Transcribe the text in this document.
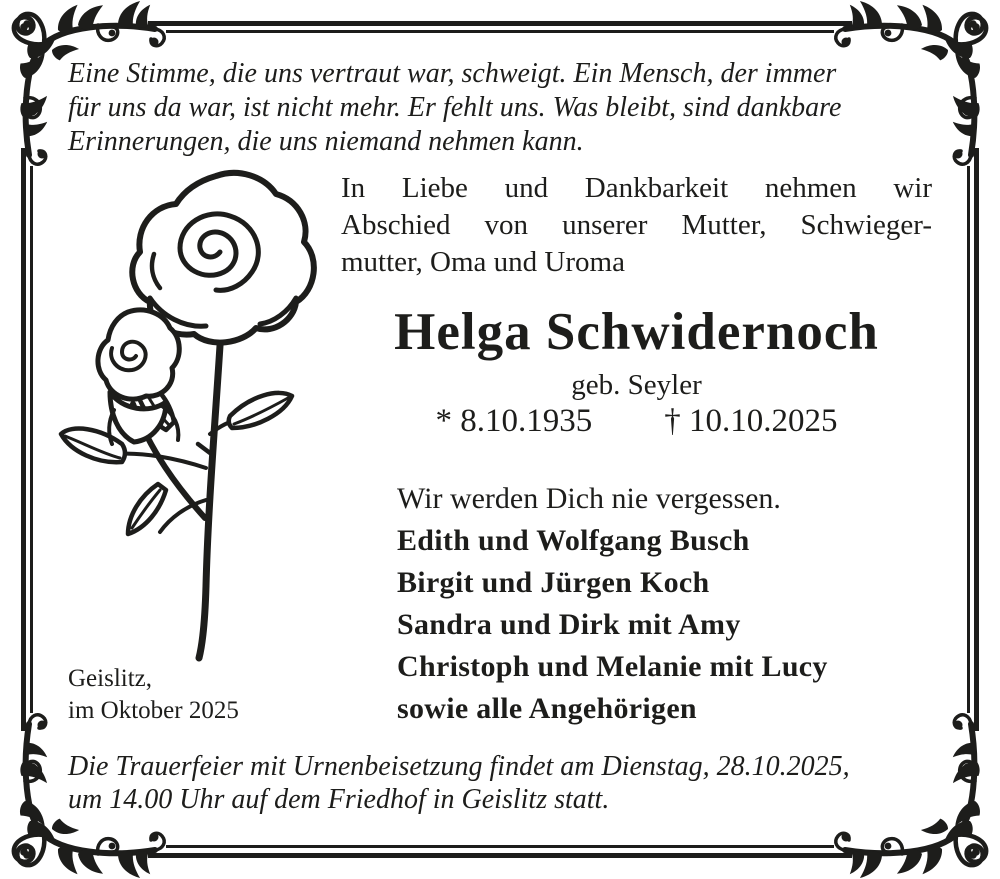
Eine Stimme, die uns vertraut war, schweigt. Ein Mensch, der immer
für uns da war, ist nicht mehr. Er fehlt uns. Was bleibt, sind dankbare
Erinnerungen, die uns niemand nehmen kann.
In Liebe und Dankbarkeit nehmen wir
Abschied von unserer Mutter, Schwieger-
mutter, Oma und Uroma
Helga Schwidernoch
geb. Seyler
* 8.10.1935 † 10.10.2025
Wir werden Dich nie vergessen.
Edith und Wolfgang Busch
Birgit und Jürgen Koch
Sandra und Dirk mit Amy
Christoph und Melanie mit Lucy
sowie alle Angehörigen
Geislitz,
im Oktober 2025
Die Trauerfeier mit Urnenbeisetzung findet am Dienstag, 28.10.2025,
um 14.00 Uhr auf dem Friedhof in Geislitz statt.
